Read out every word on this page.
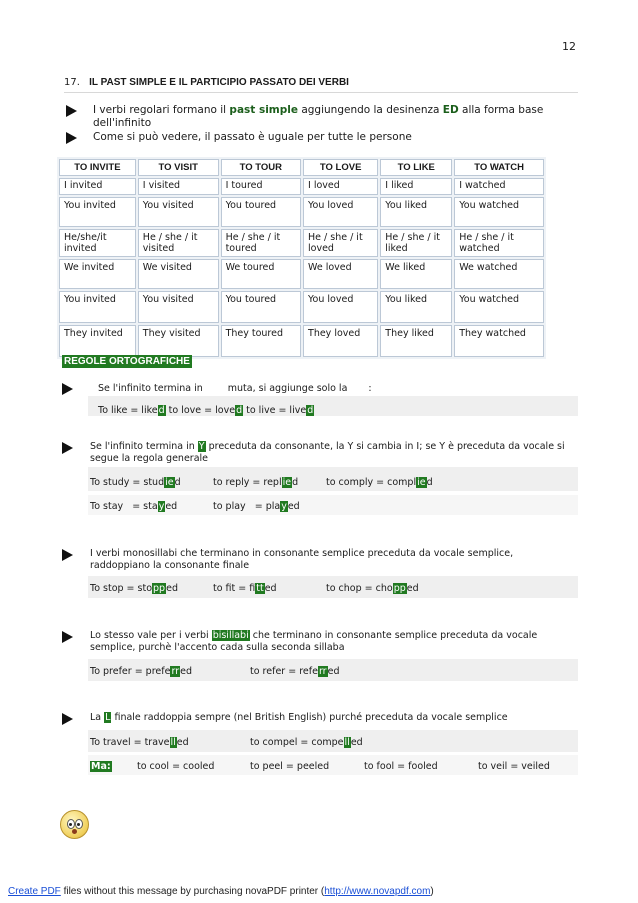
12
17. IL PAST SIMPLE E IL PARTICIPIO PASSATO DEI VERBI
I verbi regolari formano il past simple aggiungendo la desinenza ED alla forma base
dell'infinito
Come si può vedere, il passato è uguale per tutte le persone
TO INVITE	TO VISIT	TO TOUR	TO LOVE	TO LIKE	TO WATCH
I invited	I visited	I toured	I loved	I liked	I watched
You invited	You visited	You toured	You loved	You liked	You watched
He/she/it invited	He / she / it visited	He / she / it toured	He / she / it loved	He / she / it liked	He / she / it watched
We invited	We visited	We toured	We loved	We liked	We watched
You invited	You visited	You toured	You loved	You liked	You watched
They invited	They visited	They toured	They loved	They liked	They watched
REGOLE ORTOGRAFICHE
Se l'infinito termina in	muta, si aggiunge solo la :
To like = liked to love = loved to live = lived
Se l'infinito termina in Y preceduta da consonante, la Y si cambia in I; se Y è preceduta da vocale si
segue la regola generale
To study = studied	to reply = replied	to comply = complied
To stay   = stayed	to play   = played
I verbi monosillabi che terminano in consonante semplice preceduta da vocale semplice,
raddoppiano la consonante finale
To stop = stopped	to fit = fitted	to chop = chopped
Lo stesso vale per i verbi bisillabi che terminano in consonante semplice preceduta da vocale
semplice, purchè l'accento cada sulla seconda sillaba
To prefer = preferred	to refer = referred
La L finale raddoppia sempre (nel British English) purché preceduta da vocale semplice
To travel = travelled	to compel = compelled
Ma:	to cool = cooled	to peel = peeled	to fool = fooled	to veil = veiled
Create PDF files without this message by purchasing novaPDF printer (http://www.novapdf.com)
